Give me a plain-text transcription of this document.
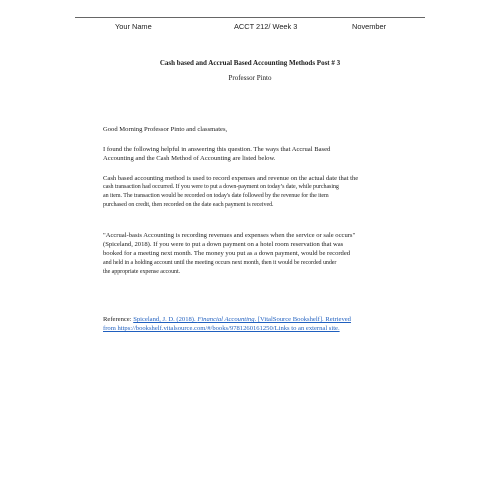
Your Name	ACCT 212/ Week 3	November
Cash based and Accrual Based Accounting Methods Post # 3
Professor Pinto
Good Morning Professor Pinto and classmates,
I found the following helpful in answering this question. The ways that Accrual Based
Accounting and the Cash Method of Accounting are listed below.
Cash based accounting method is used to record expenses and revenue on the actual date that the
cash transaction had occurred. If you were to put a down-payment on today’s date, while purchasing
an item. The transaction would be recorded on today's date followed by the revenue for the item
purchased on credit, then recorded on the date each payment is received.
"Accrual-basis Accounting is recording revenues and expenses when the service or sale occurs"
(Spiceland, 2018). If you were to put a down payment on a hotel room reservation that was
booked for a meeting next month. The money you put as a down payment, would be recorded
and held in a holding account until the meeting occurs next month, then it would be recorded under
the appropriate expense account.
Reference: Spiceland, J. D. (2018). Financial Accounting. [VitalSource Bookshelf]. Retrieved
from https://bookshelf.vitalsource.com/#/books/9781260161250/Links to an external site.
